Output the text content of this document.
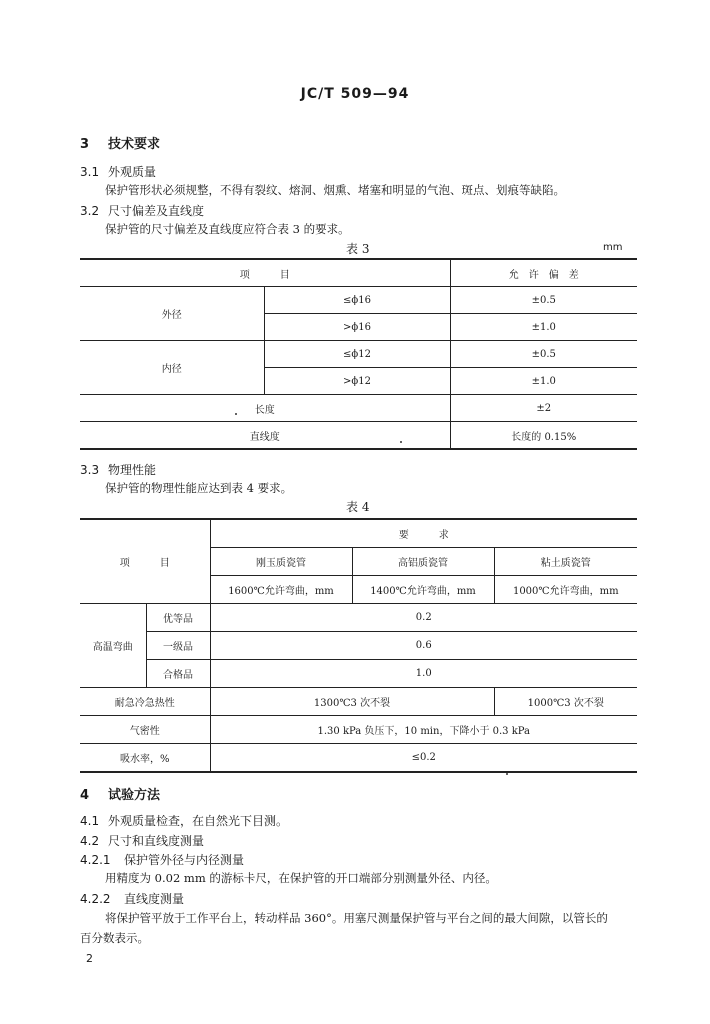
JC/T 509—94
3 技术要求
3.1 外观质量
保护管形状必须规整，不得有裂纹、熔洞、烟熏、堵塞和明显的气泡、斑点、划痕等缺陷。
3.2 尺寸偏差及直线度
保护管的尺寸偏差及直线度应符合表 3 的要求。
表 3	mm
项　　　目		允　许　偏　差
外径	≤ϕ16	±0.5
	>ϕ16	±1.0
内径	≤ϕ12	±0.5
	>ϕ12	±1.0
长度		±2
直线度		长度的 0.15%
3.3 物理性能
保护管的物理性能应达到表 4 要求。
表 4
项　　　目		要　　　求		
		刚玉质瓷管	高铝质瓷管	粘土质瓷管
		1600℃允许弯曲，mm	1400℃允许弯曲，mm	1000℃允许弯曲，mm
高温弯曲	优等品	0.2		
	一级品	0.6		
	合格品	1.0		
耐急冷急热性		1300℃3 次不裂		1000℃3 次不裂
气密性		1.30 kPa 负压下，10 min，下降小于 0.3 kPa		
吸水率，%		≤0.2		
4 试验方法
4.1 外观质量检查，在自然光下目测。
4.2 尺寸和直线度测量
4.2.1 保护管外径与内径测量
用精度为 0.02 mm 的游标卡尺，在保护管的开口端部分别测量外径、内径。
4.2.2 直线度测量
将保护管平放于工作平台上，转动样品 360°。用塞尺测量保护管与平台之间的最大间隙，以管长的
百分数表示。
2
